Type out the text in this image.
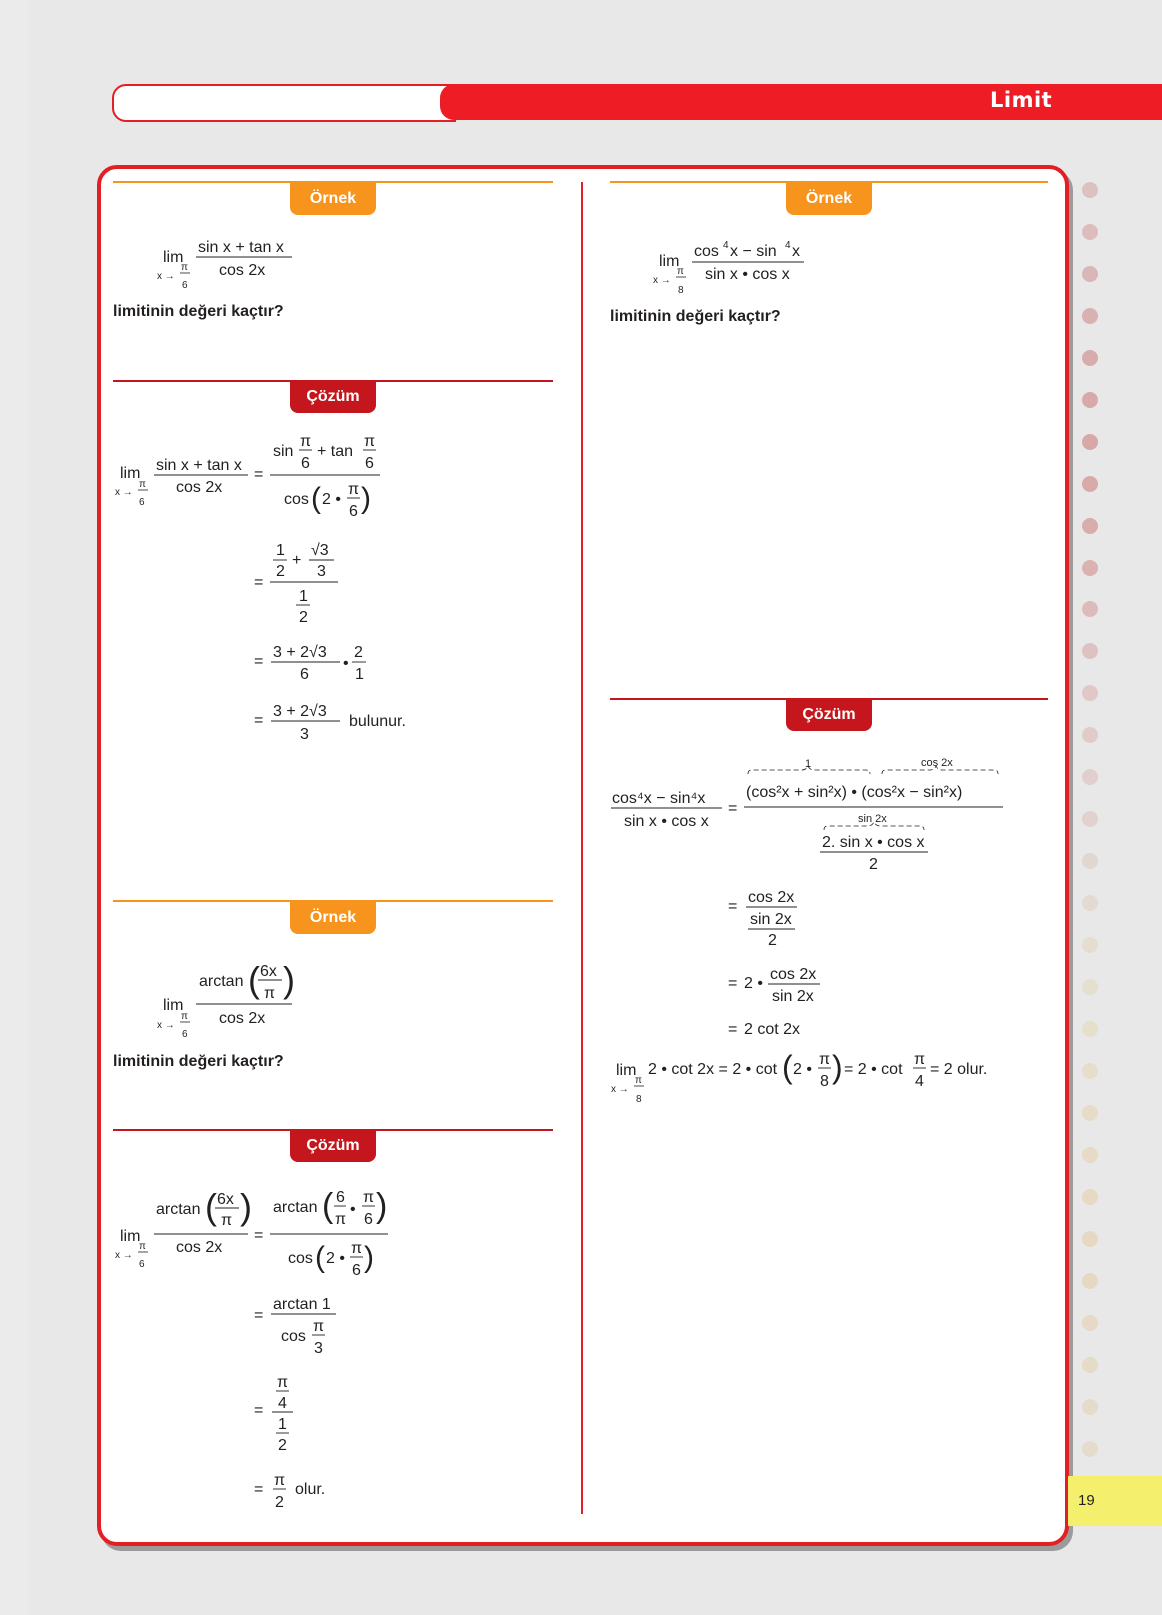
Limit
Örnek
lim
x →
π
6
sin x + tan x
cos 2x
lim
x →
π
6
sin x + tan x
cos 2x
=
sin
π
6
+ tan
π
6
cos ( 2 •
π
6 )
=
1
2
+
√3
3
1
2
=
3 + 2√3
6
•
2
1
=
3 + 2√3
3
bulunur.
arctan ( 6x
π )
lim
x →
π
6
cos 2x
lim
x →
π
6
arctan ( 6x
π )
cos 2x
=
arctan ( 6
π
•
π
6 )
cos ( 2 •
π
6 )
=
arctan 1
cos
π
3
=
π
4
1
2
=
π
2
olur.
lim
x →
π
8
cos 4 x − sin 4 x
sin x • cos x
1	cos 2x
(cos²x + sin²x) • (cos²x − sin²x)
cos⁴x − sin⁴x
sin x • cos x
=
sin 2x
2. sin x • cos x
2
=
cos 2x
sin 2x
2
= 2 •
cos 2x
sin 2x
= 2 cot 2x
lim
x →
π
8
2 • cot 2x = 2 • cot ( 2 •
π
8 ) = 2 • cot
π
4
= 2 olur.
limitinin değeri kaçtır?
Çözüm
Örnek
limitinin değeri kaçtır?
Çözüm
Örnek
limitinin değeri kaçtır?
Çözüm
19
